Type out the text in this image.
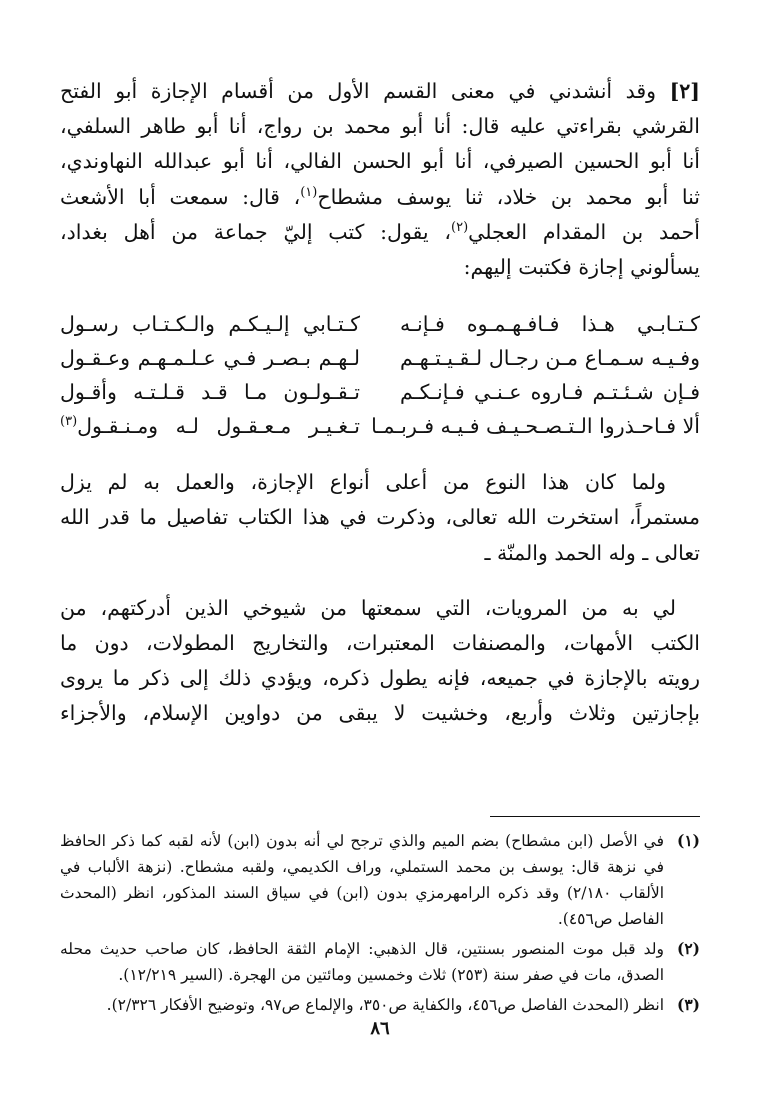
[٢] وقد أنشدني في معنى القسم الأول من أقسام الإجازة أبو الفتح
القرشي بقراءتي عليه قال: أنا أبو محمد بن رواج، أنا أبو طاهر السلفي،
أنا أبو الحسين الصيرفي، أنا أبو الحسن الفالي، أنا أبو عبدالله النهاوندي،
ثنا أبو محمد بن خلاد، ثنا يوسف مشطاح$^{(١)}$، قال: سمعت أبا الأشعث
أحمد بن المقدام العجلي$^{(٢)}$، يقول: كتب إليّ جماعة من أهل بغداد،
يسألوني إجازة فكتبت إليهم:
كـتـابـي هـذا فـافـهـمـوه فـإنـه
كـتـابي إلـيـكـم والـكـتـاب رسـول
وفـيـه سـمـاع مـن رجـال لـقـيـتـهـم
لـهـم بـصـر فـي عـلـمـهـم وعـقـول
فـإن شـئـتـم فـاروه عـنـي فـإنـكـم
تـقـولـون مـا قـد قـلـتـه وأقـول
ألا فـاحـذروا الـتـصـحـيـف فـيـه فـربـمـا
تـغـيـر مـعـقـول لـه ومـنـقـول$^{(٣)}$
ولما كان هذا النوع من أعلى أنواع الإجازة، والعمل به لم يزل
مستمراً، استخرت الله تعالى، وذكرت في هذا الكتاب تفاصيل ما قدر الله
تعالى ـ وله الحمد والمنّة ـ
لي به من المرويات، التي سمعتها من شيوخي الذين أدركتهم، من
الكتب الأمهات، والمصنفات المعتبرات، والتخاريج المطولات، دون ما
رويته بالإجازة في جميعه، فإنه يطول ذكره، ويؤدي ذلك إلى ذكر ما يروى
بإجازتين وثلاث وأربع، وخشيت لا يبقى من دواوين الإسلام، والأجزاء
(١)
في الأصل (ابن مشطاح) بضم الميم والذي ترجح لي أنه بدون (ابن) لأنه لقبه كما ذكر الحافظ في نزهة قال: يوسف بن محمد الستملي، وراف الكديمي، ولقبه مشطاح. (نزهة الألباب في الألقاب ٢/١٨٠) وقد ذكره الرامهرمزي بدون (ابن) في سياق السند المذكور، انظر (المحدث الفاصل ص٤٥٦).
(٢)
ولد قبل موت المنصور بسنتين، قال الذهبي: الإمام الثقة الحافظ، كان صاحب حديث محله الصدق، مات في صفر سنة (٢٥٣) ثلاث وخمسين ومائتين من الهجرة. (السير ١٢/٢١٩).
(٣)
انظر (المحدث الفاصل ص٤٥٦، والكفاية ص٣٥٠، والإلماع ص٩٧، وتوضيح الأفكار ٢/٣٢٦).
٨٦
